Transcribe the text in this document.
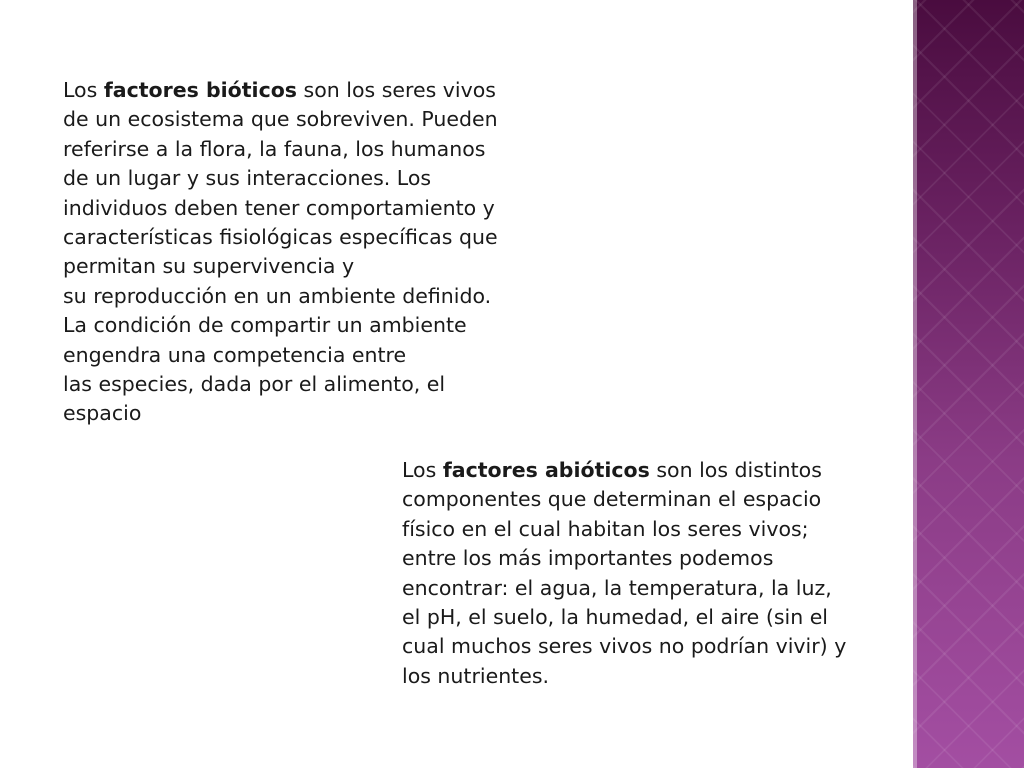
Los factores bióticos son los seres vivos
de un ecosistema que sobreviven. Pueden
referirse a la flora, la fauna, los humanos
de un lugar y sus interacciones. Los
individuos deben tener comportamiento y
características fisiológicas específicas que
permitan su supervivencia y
su reproducción en un ambiente definido.
La condición de compartir un ambiente
engendra una competencia entre
las especies, dada por el alimento, el
espacio
Los factores abióticos son los distintos
componentes que determinan el espacio
físico en el cual habitan los seres vivos;
entre los más importantes podemos
encontrar: el agua, la temperatura, la luz,
el pH, el suelo, la humedad, el aire (sin el
cual muchos seres vivos no podrían vivir) y
los nutrientes.
